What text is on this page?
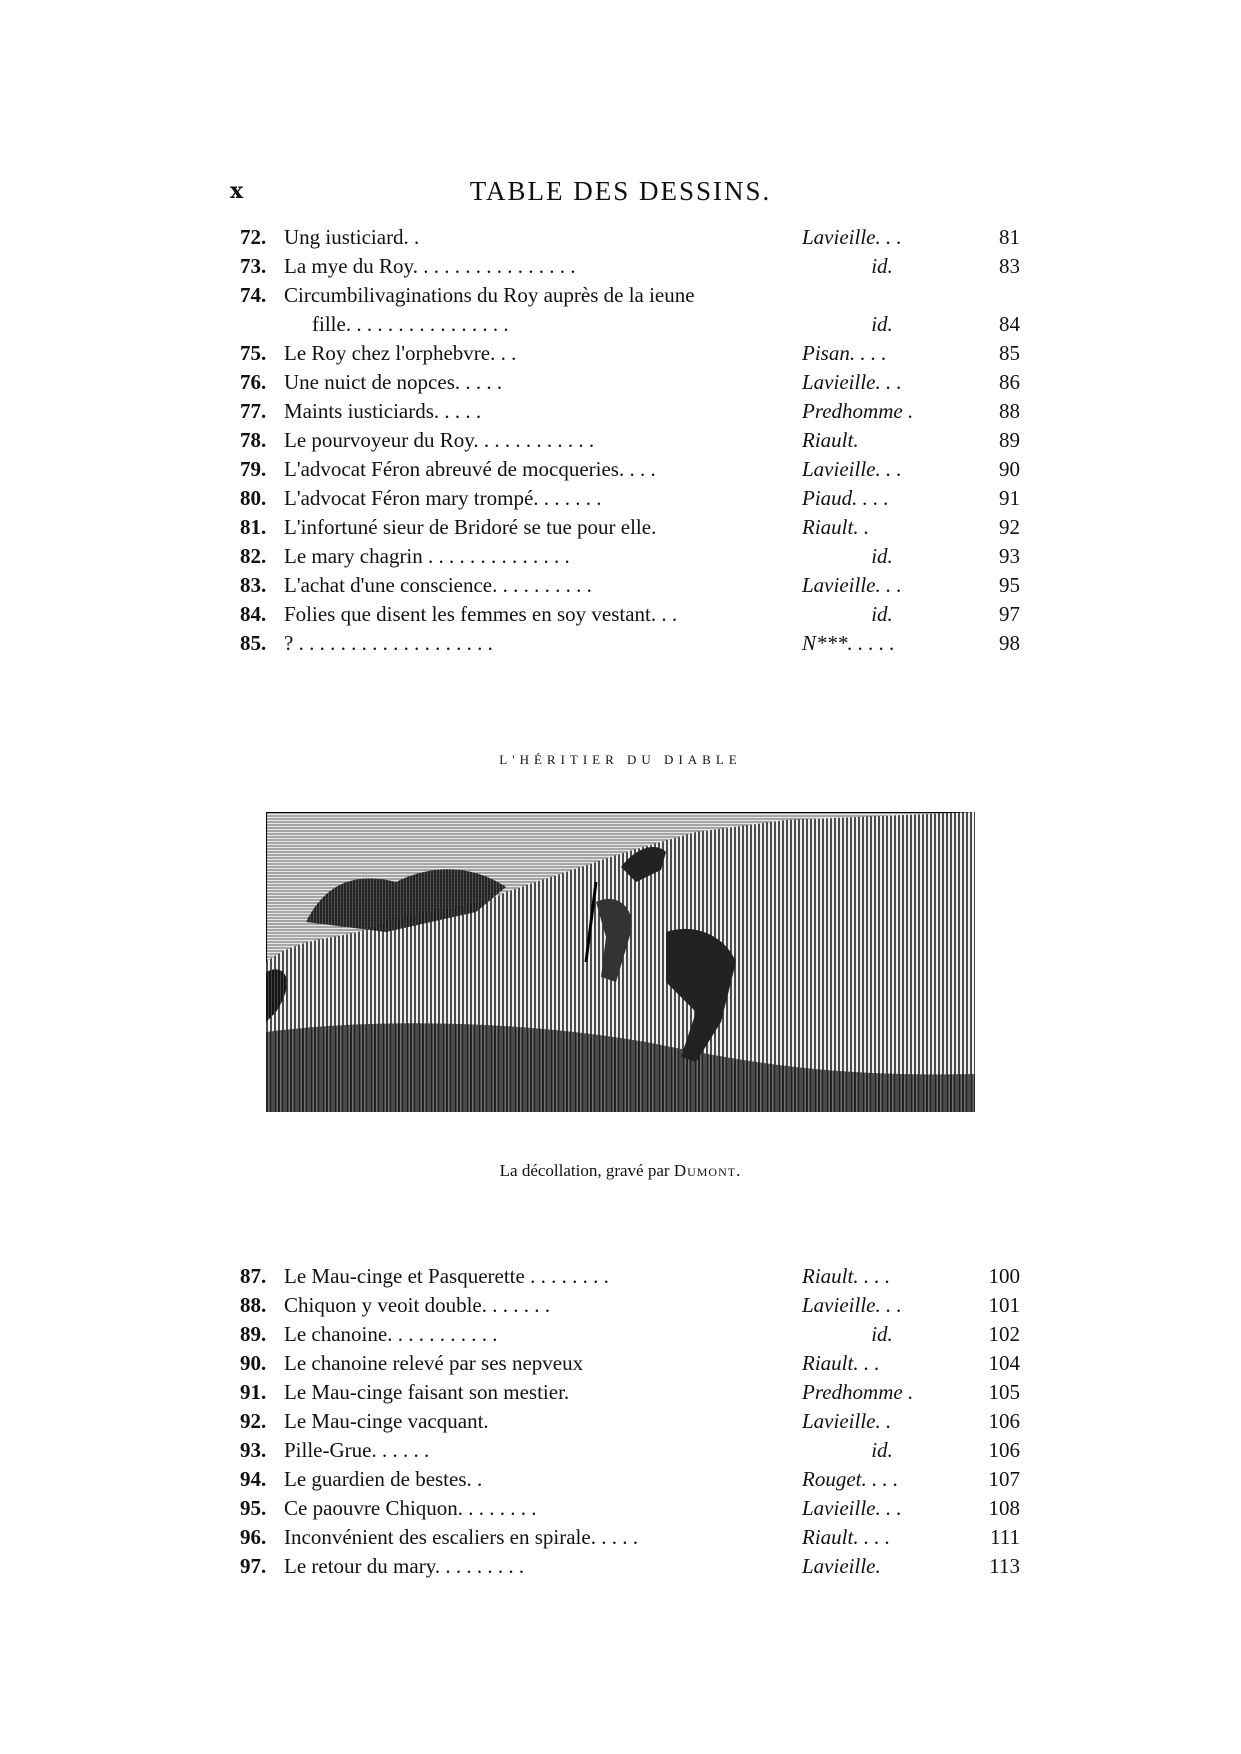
x	TABLE DES DESSINS.
72. Ung iusticiard. .	Lavieille. . .	81
73. La mye du Roy. . . . . . . . . . . . . . . .	id.	83
74. Circumbilivaginations du Roy auprès de la ieune
fille. . . . . . . . . . . . . . . .	id.	84
75. Le Roy chez l'orphebvre. . .	Pisan. . . .	85
76. Une nuict de nopces. . . . .	Lavieille. . .	86
77. Maints iusticiards. . . . .	Predhomme .	88
78. Le pourvoyeur du Roy. . . . . . . . . . . .	Riault.	89
79. L'advocat Féron abreuvé de mocqueries. . . .	Lavieille. . .	90
80. L'advocat Féron mary trompé. . . . . . .	Piaud. . . .	91
81. L'infortuné sieur de Bridoré se tue pour elle.	Riault. .	92
82. Le mary chagrin . . . . . . . . . . . . . .	id.	93
83. L'achat d'une conscience. . . . . . . . . .	Lavieille. . .	95
84. Folies que disent les femmes en soy vestant. . .	id.	97
85. ? . . . . . . . . . . . . . . . . . . .	N***. . . . .	98
L'HÉRITIER DU DIABLE
La décollation, gravé par Dumont.
87. Le Mau-cinge et Pasquerette . . . . . . . .	Riault. . . .	100
88. Chiquon y veoit double. . . . . . .	Lavieille. . .	101
89. Le chanoine. . . . . . . . . . .	id.	102
90. Le chanoine relevé par ses nepveux	Riault. . .	104
91. Le Mau-cinge faisant son mestier.	Predhomme .	105
92. Le Mau-cinge vacquant.	Lavieille. .	106
93. Pille-Grue. . . . . .	id.	106
94. Le guardien de bestes. .	Rouget. . . .	107
95. Ce paouvre Chiquon. . . . . . . .	Lavieille. . .	108
96. Inconvénient des escaliers en spirale. . . . .	Riault. . . .	111
97. Le retour du mary. . . . . . . . .	Lavieille.	113
